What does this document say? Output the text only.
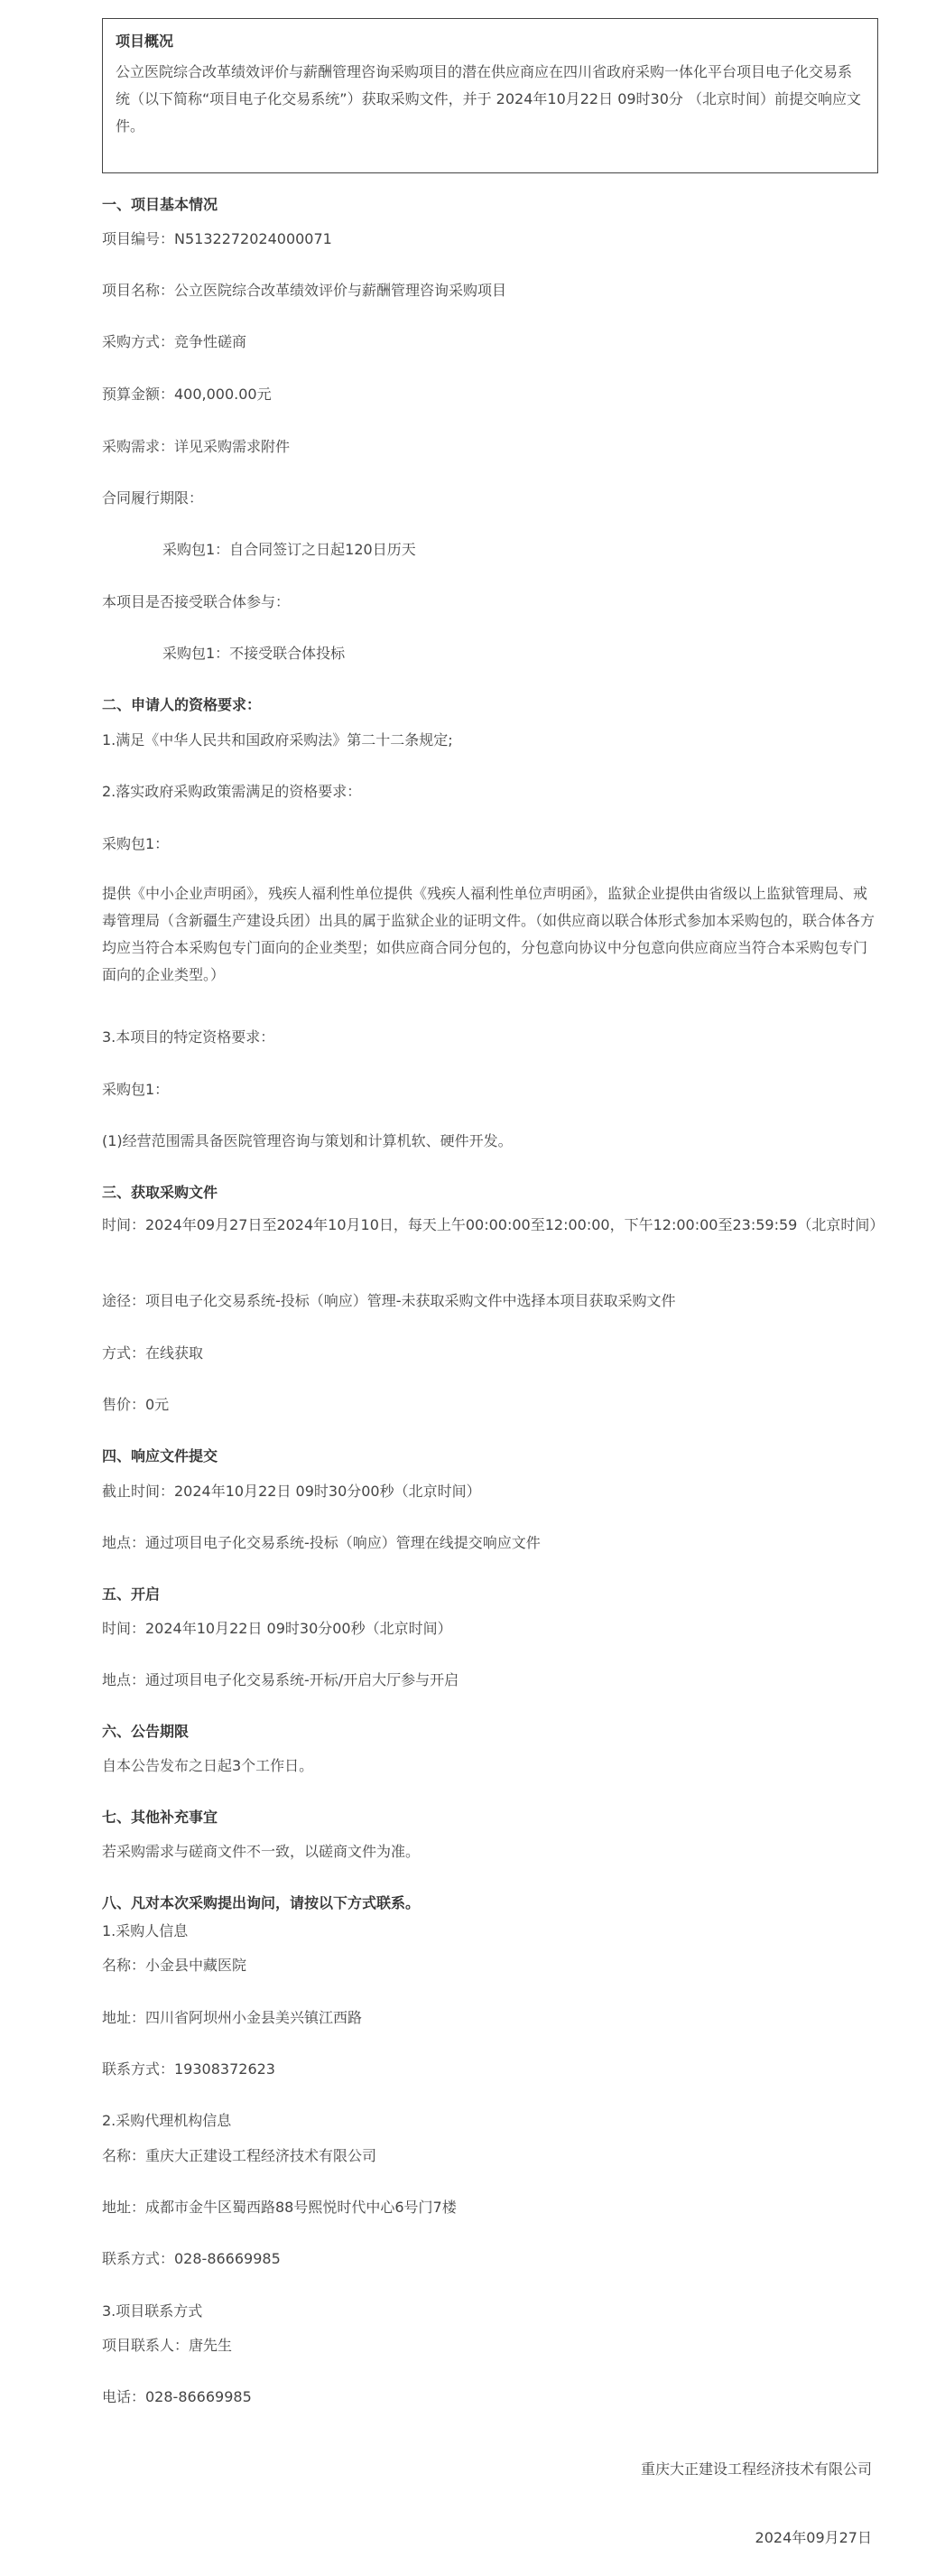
项目概况

公立医院综合改革绩效评价与薪酬管理咨询采购项目的潜在供应商应在四川省政府采购一体化平台项目电子化交易系统（以下简称“项目电子化交易系统”）获取采购文件，并于 2024年10月22日 09时30分 （北京时间）前提交响应文件。

一、项目基本情况
项目编号：N5132272024000071
项目名称：公立医院综合改革绩效评价与薪酬管理咨询采购项目
采购方式：竞争性磋商
预算金额：400,000.00元
采购需求：详见采购需求附件
合同履行期限：
采购包1：自合同签订之日起120日历天
本项目是否接受联合体参与：
采购包1：不接受联合体投标
二、申请人的资格要求：
1.满足《中华人民共和国政府采购法》第二十二条规定;
2.落实政府采购政策需满足的资格要求：
采购包1：
提供《中小企业声明函》，残疾人福利性单位提供《残疾人福利性单位声明函》，监狱企业提供由省级以上监狱管理局、戒毒管理局（含新疆生产建设兵团）出具的属于监狱企业的证明文件。（如供应商以联合体形式参加本采购包的，联合体各方均应当符合本采购包专门面向的企业类型；如供应商合同分包的，分包意向协议中分包意向供应商应当符合本采购包专门面向的企业类型。）
3.本项目的特定资格要求：
采购包1：
(1)经营范围需具备医院管理咨询与策划和计算机软、硬件开发。
三、获取采购文件
时间：2024年09月27日至2024年10月10日，每天上午00:00:00至12:00:00，下午12:00:00至23:59:59（北京时间）
途径：项目电子化交易系统-投标（响应）管理-未获取采购文件中选择本项目获取采购文件
方式：在线获取
售价：0元
四、响应文件提交
截止时间：2024年10月22日 09时30分00秒（北京时间）
地点：通过项目电子化交易系统-投标（响应）管理在线提交响应文件
五、开启
时间：2024年10月22日 09时30分00秒（北京时间）
地点：通过项目电子化交易系统-开标/开启大厅参与开启
六、公告期限
自本公告发布之日起3个工作日。
七、其他补充事宜
若采购需求与磋商文件不一致，以磋商文件为准。
八、凡对本次采购提出询问，请按以下方式联系。
1.采购人信息
名称：小金县中藏医院
地址：四川省阿坝州小金县美兴镇江西路
联系方式：19308372623
2.采购代理机构信息
名称：重庆大正建设工程经济技术有限公司
地址：成都市金牛区蜀西路88号熙悦时代中心6号门7楼
联系方式：028-86669985
3.项目联系方式
项目联系人：唐先生
电话：028-86669985
重庆大正建设工程经济技术有限公司
2024年09月27日
